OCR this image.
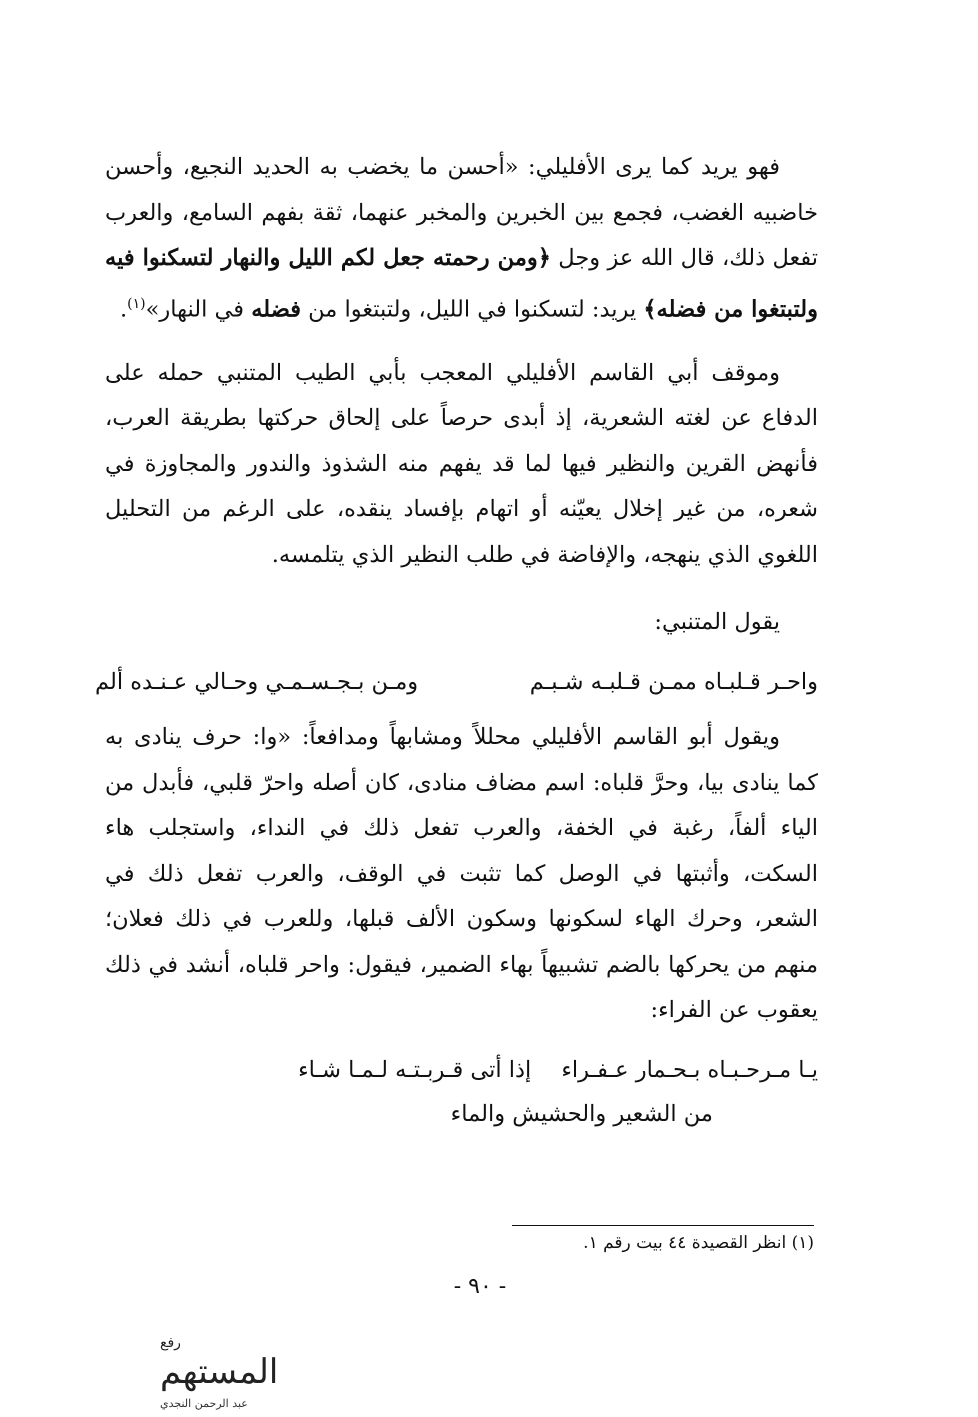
فهو يريد كما يرى الأفليلي: «أحسن ما يخضب به الحديد النجيع، وأحسن خاضبيه الغضب، فجمع بين الخبرين والمخبر عنهما، ثقة بفهم السامع، والعرب تفعل ذلك، قال الله عز وجل ﴿ومن رحمته جعل لكم الليل والنهار لتسكنوا فيه ولتبتغوا من فضله﴾ يريد: لتسكنوا في الليل، ولتبتغوا من فضله في النهار»$^{(١)}$.

وموقف أبي القاسم الأفليلي المعجب بأبي الطيب المتنبي حمله على الدفاع عن لغته الشعرية، إذ أبدى حرصاً على إلحاق حركتها بطريقة العرب، فأنهض القرين والنظير فيها لما قد يفهم منه الشذوذ والندور والمجاوزة في شعره، من غير إخلال يعيّنه أو اتهام بإفساد ينقده، على الرغم من التحليل اللغوي الذي ينهجه، والإفاضة في طلب النظير الذي يتلمسه.

يقول المتنبي:

واحـر قـلبـاه ممـن قـلبـه شـبـم
ومـن بـجـسـمـي وحـالي عـنـده ألم

ويقول أبو القاسم الأفليلي محللاً ومشابهاً ومدافعاً: «وا: حرف ينادى به كما ينادى بيا، وحرَّ قلباه: اسم مضاف منادى، كان أصله واحرّ قلبي، فأبدل من الياء ألفاً، رغبة في الخفة، والعرب تفعل ذلك في النداء، واستجلب هاء السكت، وأثبتها في الوصل كما تثبت في الوقف، والعرب تفعل ذلك في الشعر، وحرك الهاء لسكونها وسكون الألف قبلها، وللعرب في ذلك فعلان؛ منهم من يحركها بالضم تشبيهاً بهاء الضمير، فيقول: واحر قلباه، أنشد في ذلك يعقوب عن الفراء:

يـا مـرحـبـاه بـحـمار عـفـراء
إذا أتى قـربـتـه لـمـا شـاء
من الشعير والحشيش والماء
(١) انظر القصيدة ٤٤ بيت رقم ١.
- ٩٠ -
رفع
المستهم
عبد الرحمن النجدي
